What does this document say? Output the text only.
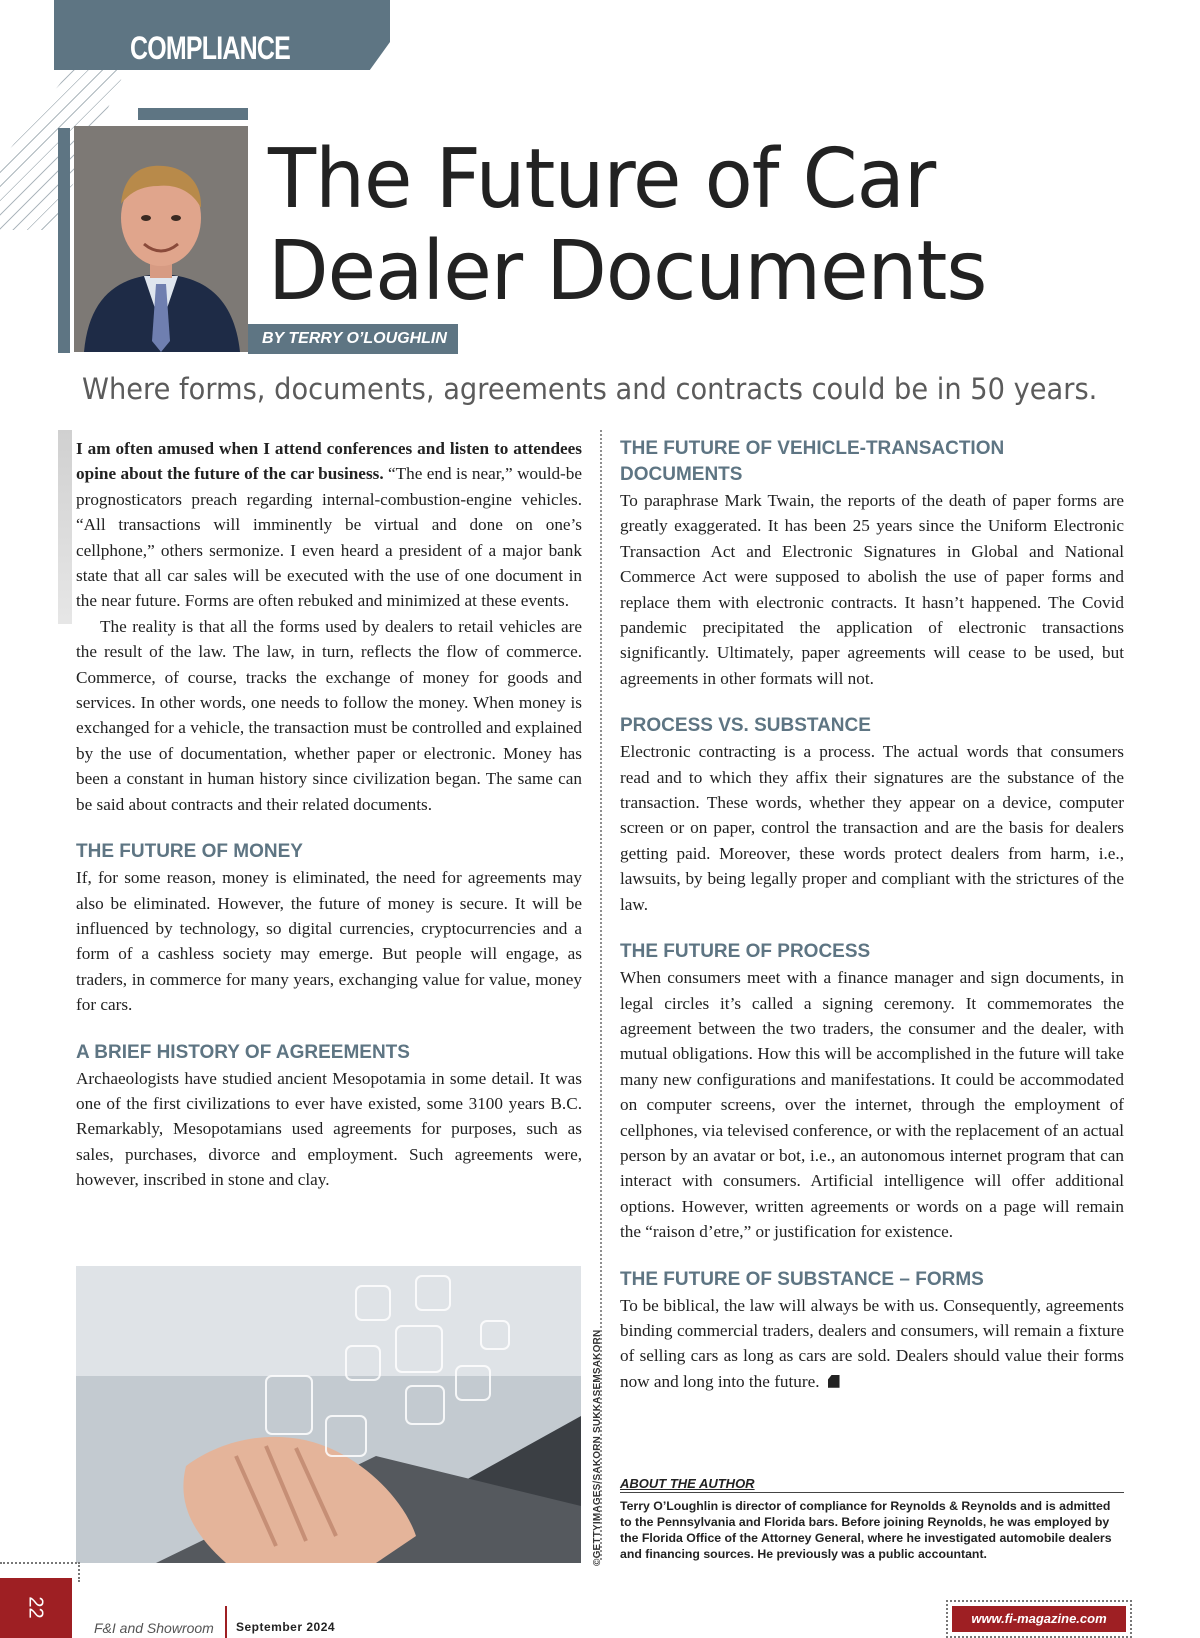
COMPLIANCE
The Future of Car
Dealer Documents
BY TERRY O’LOUGHLIN
Where forms, documents, agreements and contracts could be in 50 years.

I am often amused when I attend conferences and listen to attendees opine about the future of the car business. “The end is near,” would-be prognosticators preach regarding internal-combustion-engine vehicles. “All transactions will imminently be virtual and done on one’s cellphone,” others sermonize. I even heard a president of a major bank state that all car sales will be executed with the use of one document in the near future. Forms are often rebuked and minimized at these events.

The reality is that all the forms used by dealers to retail vehicles are the result of the law. The law, in turn, reflects the flow of commerce. Commerce, of course, tracks the exchange of money for goods and services. In other words, one needs to follow the money. When money is exchanged for a vehicle, the transaction must be controlled and explained by the use of documentation, whether paper or electronic. Money has been a constant in human history since civilization began. The same can be said about contracts and their related documents.

THE FUTURE OF MONEY

If, for some reason, money is eliminated, the need for agreements may also be eliminated. However, the future of money is secure. It will be influenced by technology, so digital currencies, cryptocurrencies and a form of a cashless society may emerge. But people will engage, as traders, in commerce for many years, exchanging value for value, money for cars.

A BRIEF HISTORY OF AGREEMENTS

Archaeologists have studied ancient Mesopotamia in some detail. It was one of the first civilizations to ever have existed, some 3100 years B.C. Remarkably, Mesopotamians used agreements for purposes, such as sales, purchases, divorce and employment. Such agreements were, however, inscribed in stone and clay.

THE FUTURE OF VEHICLE-TRANSACTION DOCUMENTS

To paraphrase Mark Twain, the reports of the death of paper forms are greatly exaggerated. It has been 25 years since the Uniform Electronic Transaction Act and Electronic Signatures in Global and National Commerce Act were supposed to abolish the use of paper forms and replace them with electronic contracts. It hasn’t happened. The Covid pandemic precipitated the application of electronic transactions significantly. Ultimately, paper agreements will cease to be used, but agreements in other formats will not.

PROCESS VS. SUBSTANCE

Electronic contracting is a process. The actual words that consumers read and to which they affix their signatures are the substance of the transaction. These words, whether they appear on a device, computer screen or on paper, control the transaction and are the basis for dealers getting paid. Moreover, these words protect dealers from harm, i.e., lawsuits, by being legally proper and compliant with the strictures of the law.

THE FUTURE OF PROCESS

When consumers meet with a finance manager and sign documents, in legal circles it’s called a signing ceremony. It commemorates the agreement between the two traders, the consumer and the dealer, with mutual obligations. How this will be accomplished in the future will take many new configurations and manifestations. It could be accommodated on computer screens, over the internet, through the employment of cellphones, via televised conference, or with the replacement of an actual person by an avatar or bot, i.e., an autonomous internet program that can interact with consumers. Artificial intelligence will offer additional options. However, written agreements or words on a page will remain the “raison d’etre,” or justification for existence.

THE FUTURE OF SUBSTANCE – FORMS

To be biblical, the law will always be with us. Consequently, agreements binding commercial traders, dealers and consumers, will remain a fixture of selling cars as long as cars are sold. Dealers should value their forms now and long into the future.

©GETTYIMAGES/SAKORN SUKKASEMSAKORN ABOUT THE AUTHOR
Terry O’Loughlin is director of compliance for Reynolds & Reynolds and is admitted to the Pennsylvania and Florida bars. Before joining Reynolds, he was employed by the Florida Office of the Attorney General, where he investigated automobile dealers and financing sources. He previously was a public accountant.
22
F&I and Showroom September 2024
www.fi-magazine.com
